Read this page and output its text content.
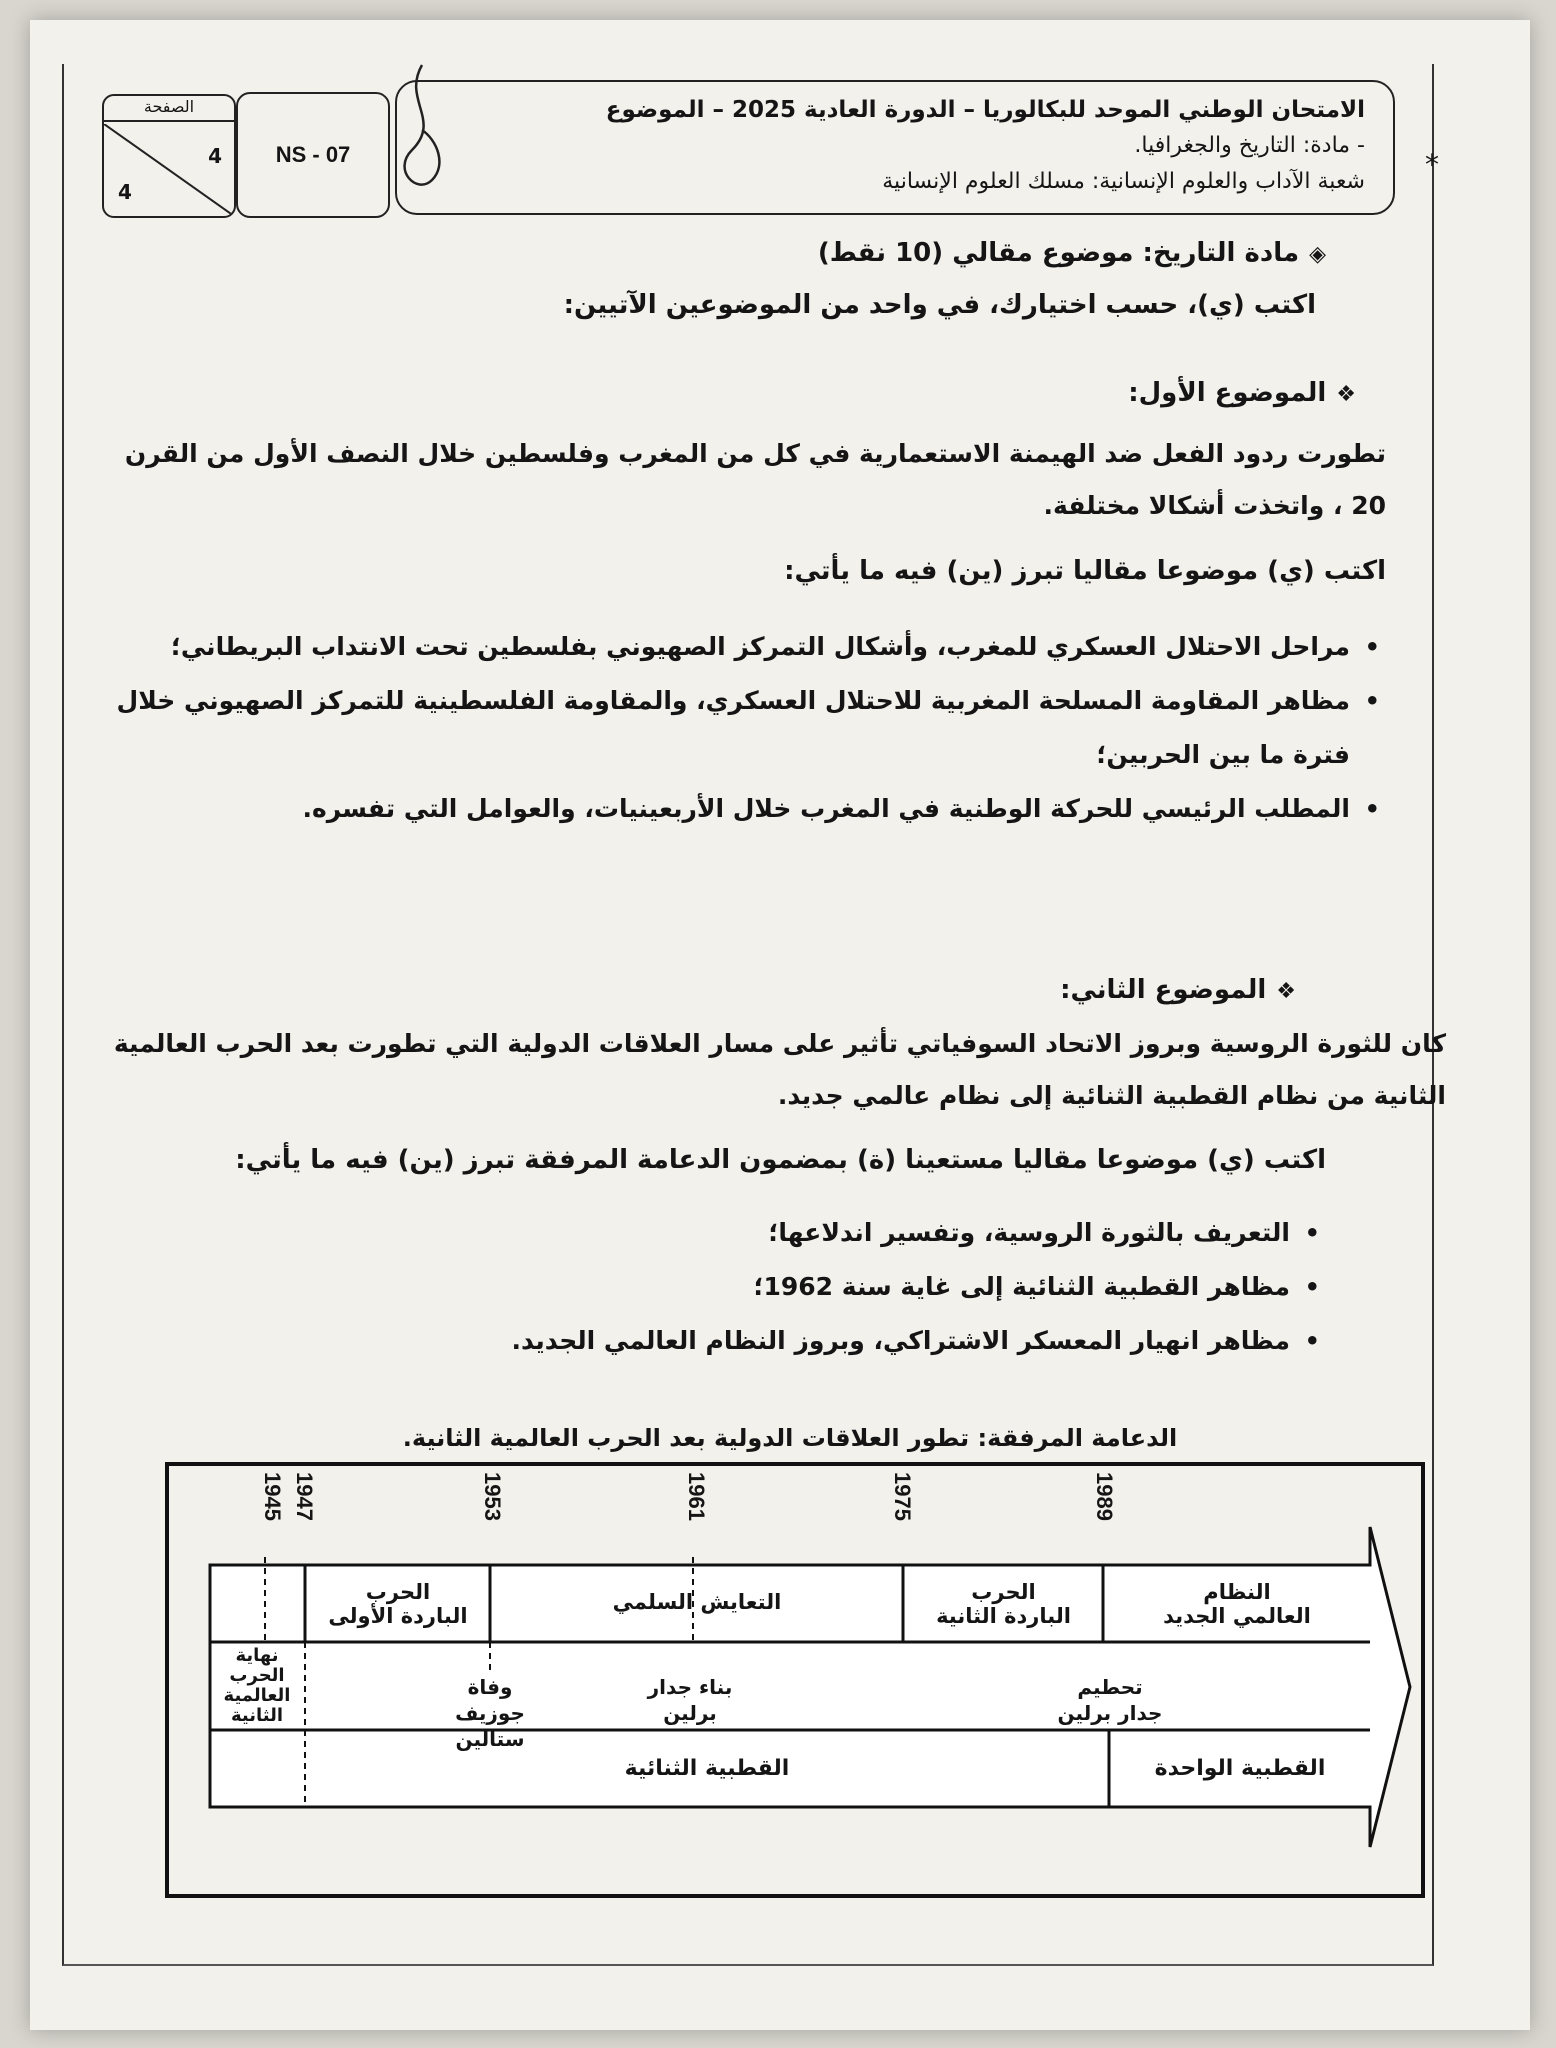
الامتحان الوطني الموحد للبكالوريا – الدورة العادية 2025 – الموضوع
- مادة: التاريخ والجغرافيا.
شعبة الآداب والعلوم الإنسانية: مسلك العلوم الإنسانية
NS - 07
الصفحة
4
4
*
◈مادة التاريخ: موضوع مقالي (10 نقط)
اكتب (ي)، حسب اختيارك، في واحد من الموضوعين الآتيين:
❖الموضوع الأول:
تطورت ردود الفعل ضد الهيمنة الاستعمارية في كل من المغرب وفلسطين خلال النصف الأول من القرن 20 ، واتخذت أشكالا مختلفة.
اكتب (ي) موضوعا مقاليا تبرز (ين) فيه ما يأتي:
• مراحل الاحتلال العسكري للمغرب، وأشكال التمركز الصهيوني بفلسطين تحت الانتداب البريطاني؛
• مظاهر المقاومة المسلحة المغربية للاحتلال العسكري، والمقاومة الفلسطينية للتمركز الصهيوني خلال فترة ما بين الحربين؛
• المطلب الرئيسي للحركة الوطنية في المغرب خلال الأربعينيات، والعوامل التي تفسره.
❖الموضوع الثاني:
كان للثورة الروسية وبروز الاتحاد السوفياتي تأثير على مسار العلاقات الدولية التي تطورت بعد الحرب العالمية الثانية من نظام القطبية الثنائية إلى نظام عالمي جديد.
اكتب (ي) موضوعا مقاليا مستعينا (ة) بمضمون الدعامة المرفقة تبرز (ين) فيه ما يأتي:
• التعريف بالثورة الروسية، وتفسير اندلاعها؛
• مظاهر القطبية الثنائية إلى غاية سنة 1962؛
• مظاهر انهيار المعسكر الاشتراكي، وبروز النظام العالمي الجديد.
الدعامة المرفقة: تطور العلاقات الدولية بعد الحرب العالمية الثانية.
1945 1947	1953	1961	1975	1989
الحرب
الباردة الأولى
التعايش السلمي	الحرب
الباردة الثانية
النظام
العالمي الجديد
نهاية الحرب العالمية الثانية
وفاة جوزيف ستالين
بناء جدار برلين
تحطيم جدار برلين
القطبية الثنائية	القطبية الواحدة
